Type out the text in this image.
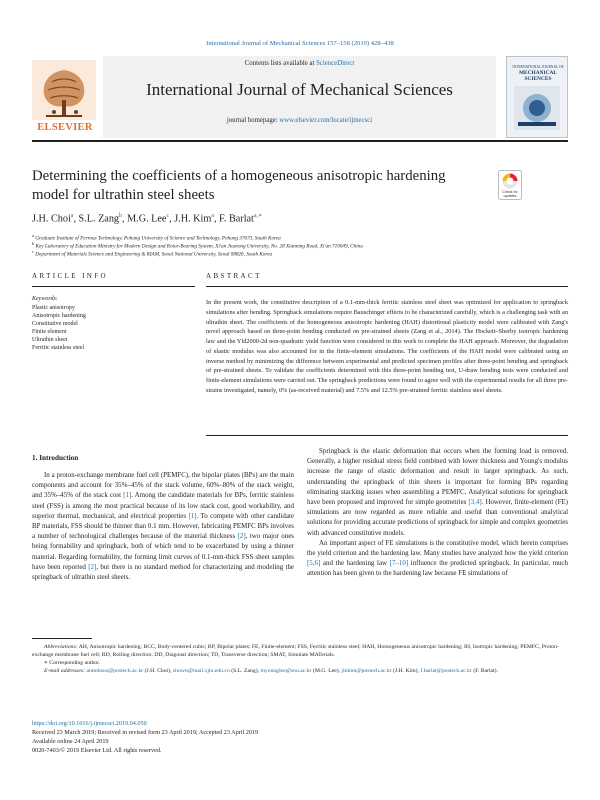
International Journal of Mechanical Sciences 157–158 (2019) 428–438
ELSEVIER
Contents lists available at ScienceDirect
International Journal of Mechanical Sciences
journal homepage: www.elsevier.com/locate/ijmecsci
INTERNATIONAL JOURNAL OF
MECHANICAL SCIENCES
Determining the coefficients of a homogeneous anisotropic hardening
model for ultrathin steel sheets	Check for
updates
J.H. Choi$^a$, S.L. Zang$^b$, M.G. Lee$^c$, J.H. Kim$^a$, F. Barlat$^{a,∗}$
$^a$ Graduate Institute of Ferrous Technology, Pohang University of Science and Technology, Pohang 37673, South Korea
$^b$ Key Laboratory of Education Ministry for Modern Design and Rotor-Bearing System, Xi'an Jiaotong University, No. 28 Xianning Road, Xi'an 710049, China
$^c$ Department of Materials Science and Engineering & RIAM, Seoul National University, Seoul 08826, South Korea
ARTICLE INFO	ABSTRACT
Keywords:
Plastic anisotropy
Anisotropic hardening
Constitutive model
Finite element
Ultrathin sheet
Ferritic stainless steel
In the present work, the constitutive description of a 0.1-mm-thick ferritic stainless steel sheet was optimized for application to springback simulations after bending. Springback simulations require Bauschinger effects to be characterized carefully, which is a challenging task with an ultrathin sheet. The coefficients of the homogeneous anisotropic hardening (HAH) distortional plasticity model were calibrated with Zang's novel approach based on three-point bending conducted on pre-strained sheets (Zang et al., 2014). The Hockett–Sherby isotropic hardening law and the Yld2000-2d non-quadratic yield function were considered in this work to complete the HAH approach. Moreover, the degradation of elastic modulus was also accounted for in the finite-element simulations. The coefficients of the HAH model were calibrated using an inverse method by minimizing the difference between experimental and predicted specimen profiles after three-point bending and springback of pre-strained sheets. To validate the coefficients determined with this three-point bending test, U-draw bending tests were conducted and finite-element simulations were carried out. The springback predictions were found to agree well with the experimental results for all three pre-strains investigated, namely, 0% (as-received material) and 7.5% and 12.5% pre-strained ferritic stainless steel sheets.
1. Introduction

In a proton-exchange membrane fuel cell (PEMFC), the bipolar plates (BPs) are the main components and account for 35%–45% of the stack volume, 60%–80% of the stack weight, and 35%–45% of the stack cost [1]. Among the candidate materials for BPs, ferritic stainless steel (FSS) is among the most practical because of its low stack cost, good workability, and superior thermal, mechanical, and electrical properties [1]. To compete with other candidate BP materials, FSS should be thinner than 0.1 mm. However, fabricating PEMFC BPs involves a number of technological challenges because of the material thickness [2], two major ones being formability and springback, both of which tend to be exacerbated by using a thinner material. Regarding formability, the forming limit curves of 0.1-mm-thick FSS sheet samples have been reported [2], but there is no standard method for characterizing and modeling the springback of ultrathin steel sheets.

Springback is the elastic deformation that occurs when the forming load is removed. Generally, a higher residual stress field combined with lower thickness and Young's modulus increase the range of elastic deformation and result in larger springback. As such, understanding the springback of thin sheets is important for forming BPs regarding eliminating stacking issues when assembling a PEMFC. Analytical solutions for springback have been proposed and improved for simple geometries [3,4]. However, finite-element (FE) simulations are now regarded as more reliable and useful than conventional analytical solutions for providing accurate predictions of springback for simple and complex geometries with advanced constitutive models.

An important aspect of FE simulations is the constitutive model, which herein comprises the yield criterion and the hardening law. Many studies have analyzed how the yield criterion [5,6] and the hardening law [7–10] influence the predicted springback. In particular, much attention has been given to the hardening law because FE simulations of

Abbreviations: AH, Anisotropic hardening; BCC, Body-centered cubic; BP, Bipolar plates; FE, Finite-element; FSS, Ferritic stainless steel; HAH, Homogeneous anisotropic hardening; IH, Isotropic hardening; PEMFC, Proton-exchange membrane fuel cell; RD, Rolling direction; DD, Diagonal direction; TD, Transverse direction; SMAT, Simulate MATerials.

∗ Corresponding author.

E-mail addresses: antmhsus@postech.ac.kr (J.H. Choi), shown@mail.xjtu.edu.cn (S.L. Zang), myounglee@snu.ac.kr (M.G. Lee), jinkim@postech.ac.kr (J.H. Kim), f.barlat@postech.ac.kr (F. Barlat).

https://doi.org/10.1016/j.ijmecsci.2019.04.050
Received 23 March 2019; Received in revised form 23 April 2019; Accepted 23 April 2019
Available online 24 April 2019
0020-7403/© 2019 Elsevier Ltd. All rights reserved.
